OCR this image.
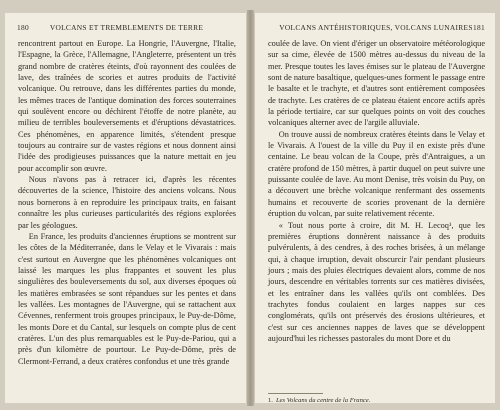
180	VOLCANS ET TREMBLEMENTS DE TERRE

rencontrent partout en Europe. La Hongrie, l'Auvergne, l'Italie, l'Espagne, la Grèce, l'Allemagne, l'Angleterre, présentent un très grand nombre de cratères éteints, d'où rayonnent des coulées de lave, des traînées de scories et autres produits de l'activité volcanique. Ou retrouve, dans les différentes parties du monde, les mêmes traces de l'antique domination des forces souterraines qui soulèvent encore ou déchirent l'étoffe de notre planète, au milieu de terribles bouleversements et d'éruptions dévastatrices. Ces phénomènes, en apparence limités, s'étendent presque toujours au contraire sur de vastes régions et nous donnent ainsi l'idée des prodigieuses puissances que la nature mettait en jeu pour accomplir son œuvre.

Nous n'avons pas à retracer ici, d'après les récentes découvertes de la science, l'histoire des anciens volcans. Nous nous bornerons à en reproduire les principaux traits, en faisant connaître les plus curieuses particularités des régions explorées par les géologues.

En France, les produits d'anciennes éruptions se montrent sur les côtes de la Méditerranée, dans le Velay et le Vivarais : mais c'est surtout en Auvergne que les phénomènes volcaniques ont laissé les marques les plus frappantes et souvent les plus singulières des bouleversements du sol, aux diverses époques où les matières embrasées se sont répandues sur les pentes et dans les vallées. Les montagnes de l'Auvergne, qui se rattachent aux Cévennes, renferment trois groupes principaux, le Puy-de-Dôme, les monts Dore et du Cantal, sur lesquels on compte plus de cent cratères. L'un des plus remarquables est le Puy-de-Pariou, qui a près d'un kilomètre de pourtour. Le Puy-de-Dôme, près de Clermont-Ferrand, a deux cratères confondus et une très grande

VOLCANS ANTÉHISTORIQUES, VOLCANS LUNAIRES 181

coulée de lave. On vient d'ériger un observatoire météorologique sur sa cime, élevée de 1500 mètres au-dessus du niveau de la mer. Presque toutes les laves émises sur le plateau de l'Auvergne sont de nature basaltique, quelques-unes forment le passage entre le basalte et le trachyte, et d'autres sont entièrement composées de trachyte. Les cratères de ce plateau étaient encore actifs après la période tertiaire, car sur quelques points on voit des couches volcaniques alterner avec de l'argile alluviale.

On trouve aussi de nombreux cratères éteints dans le Velay et le Vivarais. A l'ouest de la ville du Puy il en existe près d'une centaine. Le beau volcan de la Coupe, près d'Antraigues, a un cratère profond de 150 mètres, à partir duquel on peut suivre une puissante coulée de lave. Au mont Denise, très voisin du Puy, on a découvert une brèche volcanique renfermant des ossements humains et recouverte de scories provenant de la dernière éruption du volcan, par suite relativement récente.

« Tout nous porte à croire, dit M. H. Lecoq¹, que les premières éruptions donnèrent naissance à des produits pulvérulents, à des cendres, à des roches brisées, à un mélange qui, à chaque irruption, devait obscurcir l'air pendant plusieurs jours ; mais des pluies électriques devaient alors, comme de nos jours, descendre en véritables torrents sur ces matières divisées, et les entraîner dans les vallées qu'ils ont comblées. Des trachytes fondus coulaient en larges nappes sur ces conglomérats, qu'ils ont préservés des érosions ultérieures, et c'est sur ces anciennes nappes de laves que se développent aujourd'hui les richesses pastorales du mont Dore et du

1. Les Volcans du centre de la France.
